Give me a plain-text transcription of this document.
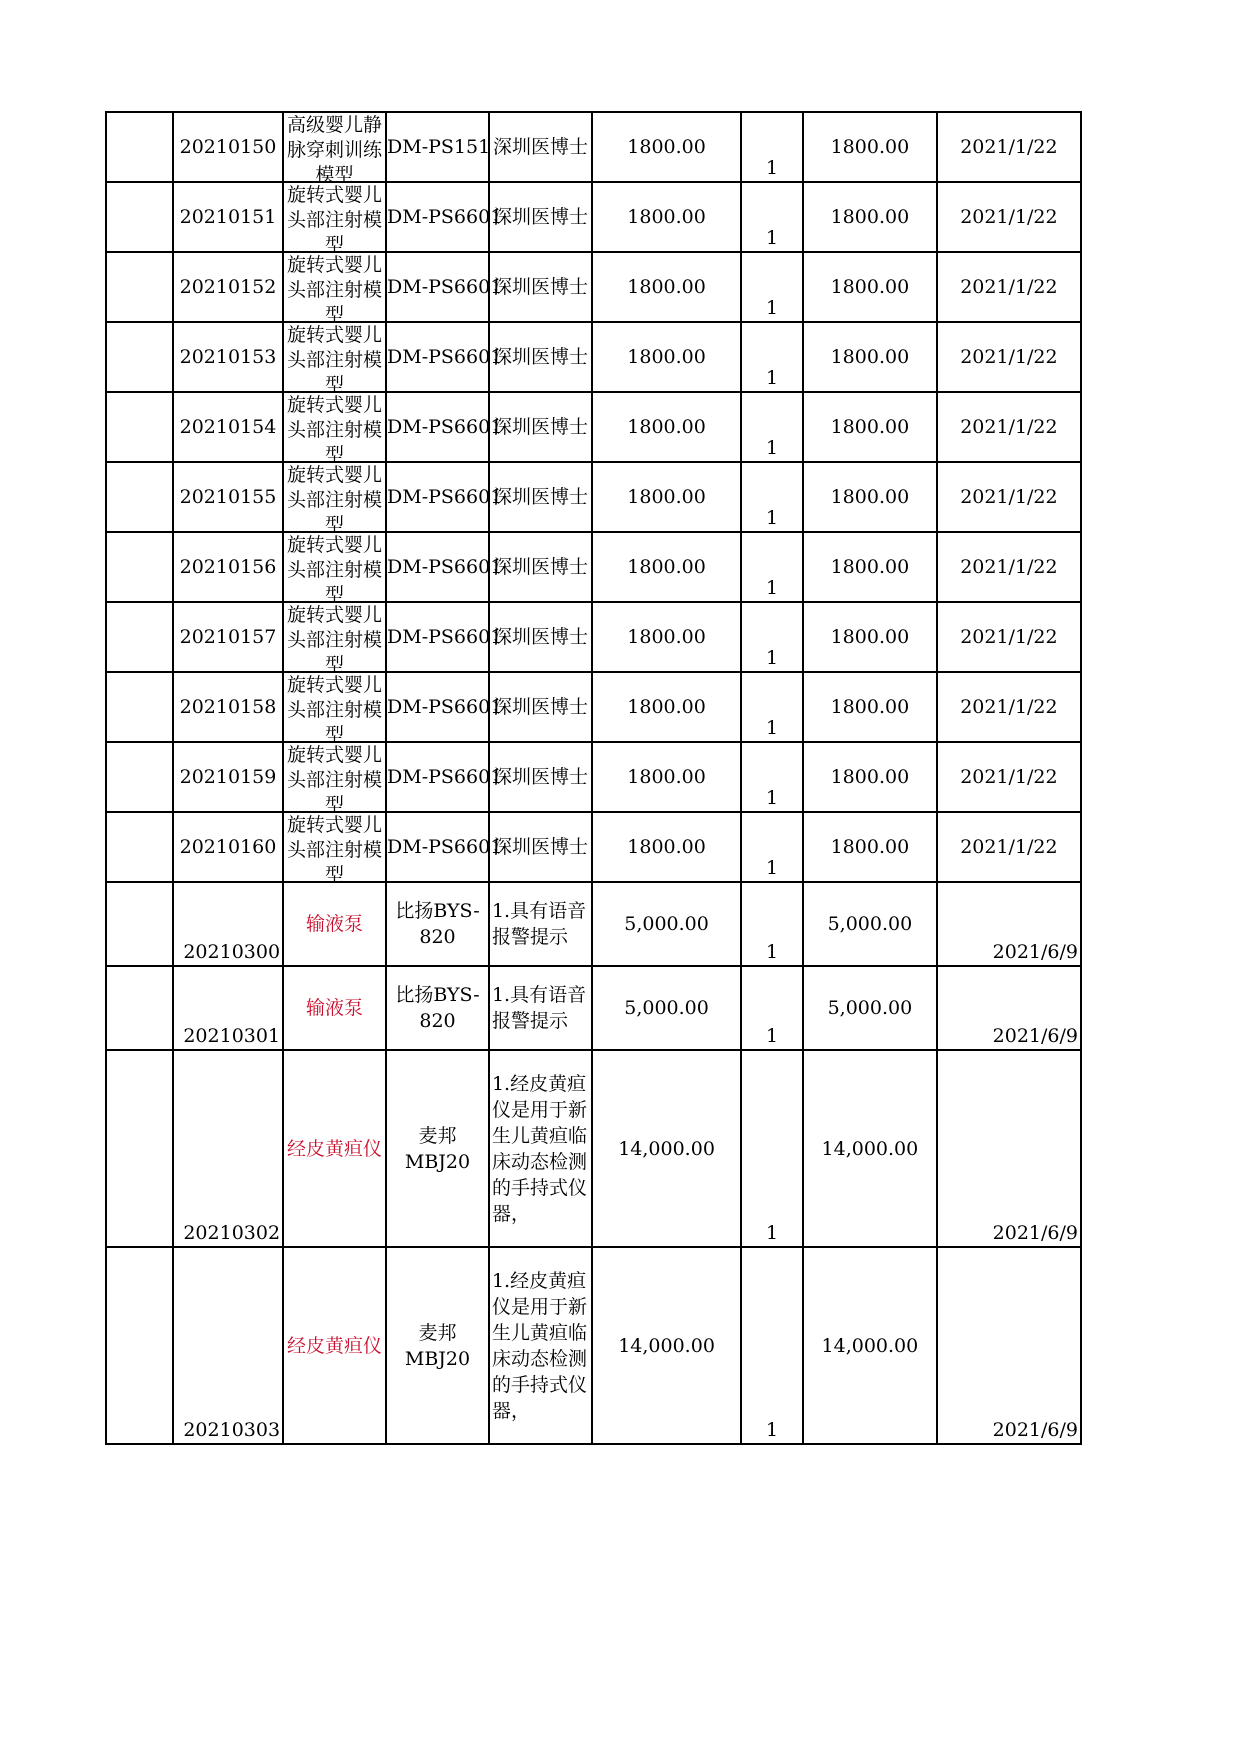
	20210150	高级婴儿静脉穿刺训练模型	DM-PS151	深圳医博士	1800.00	1	1800.00	2021/1/22
	20210151	旋转式婴儿头部注射模型	DM-PS6601	深圳医博士	1800.00	1	1800.00	2021/1/22
	20210152	旋转式婴儿头部注射模型	DM-PS6601	深圳医博士	1800.00	1	1800.00	2021/1/22
	20210153	旋转式婴儿头部注射模型	DM-PS6601	深圳医博士	1800.00	1	1800.00	2021/1/22
	20210154	旋转式婴儿头部注射模型	DM-PS6601	深圳医博士	1800.00	1	1800.00	2021/1/22
	20210155	旋转式婴儿头部注射模型	DM-PS6601	深圳医博士	1800.00	1	1800.00	2021/1/22
	20210156	旋转式婴儿头部注射模型	DM-PS6601	深圳医博士	1800.00	1	1800.00	2021/1/22
	20210157	旋转式婴儿头部注射模型	DM-PS6601	深圳医博士	1800.00	1	1800.00	2021/1/22
	20210158	旋转式婴儿头部注射模型	DM-PS6601	深圳医博士	1800.00	1	1800.00	2021/1/22
	20210159	旋转式婴儿头部注射模型	DM-PS6601	深圳医博士	1800.00	1	1800.00	2021/1/22
	20210160	旋转式婴儿头部注射模型	DM-PS6601	深圳医博士	1800.00	1	1800.00	2021/1/22
	20210300	输液泵	比扬BYS-820	1.具有语音报警提示	5,000.00	1	5,000.00	2021/6/9
	20210301	输液泵	比扬BYS-820	1.具有语音报警提示	5,000.00	1	5,000.00	2021/6/9
	20210302	经皮黄疸仪	麦邦MBJ20	1.经皮黄疸仪是用于新生儿黄疸临床动态检测的手持式仪器，	14,000.00	1	14,000.00	2021/6/9
	20210303	经皮黄疸仪	麦邦MBJ20	1.经皮黄疸仪是用于新生儿黄疸临床动态检测的手持式仪器，	14,000.00	1	14,000.00	2021/6/9
